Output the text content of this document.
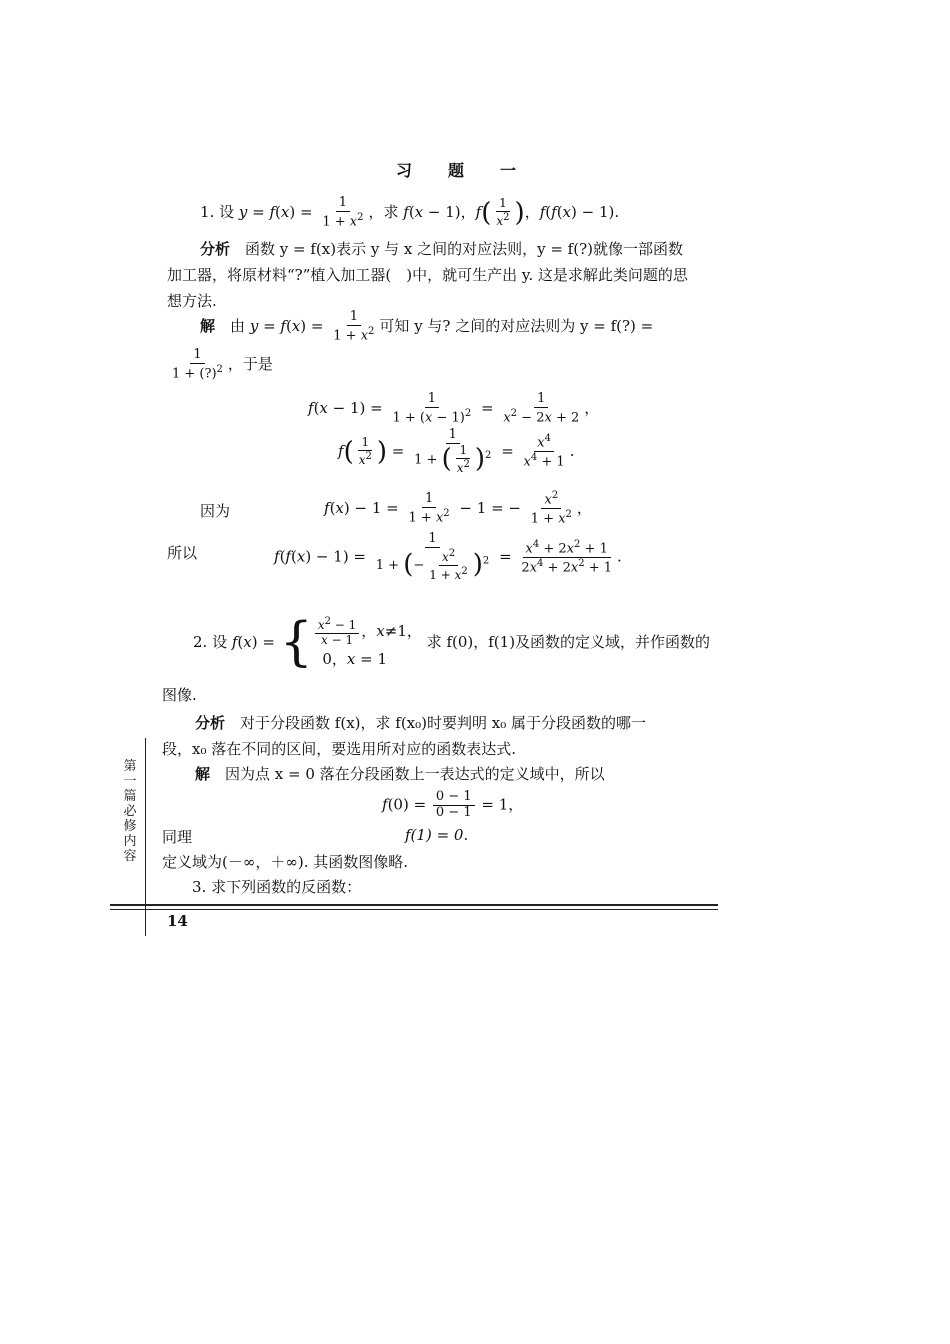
习　题　一
1. 设 $y = f(x) = \frac{1}{1 + x^2}$ ，求 f(x − 1)，$f( \frac{1}{x^2}$ )，f(f(x) − 1).
分析　 函数 y = f(x)表示 y 与 x 之间的对应法则，y = f(?)就像一部函数
加工器，将原材料“?”植入加工器(　)中，就可生产出 y. 这是求解此类问题的思
想方法.
解　 由 $y = f(x) = \frac{1}{1 + x^2}$ 可知 y 与? 之间的对应法则为 y = f(?) =
$\frac{1}{1 + (?)^2}$ ，于是
$f(x - 1) = \frac{1}{1 + (x - 1)^2} = \frac{1}{x^2 - 2x + 2}$ ，
$f( \frac{1}{x^2}$ ) = $\frac{1}{1 + ( \frac{1}{x^2} )^2} = \frac{x^4}{x^4 + 1}$ .
因为	$f(x) - 1 = \frac{1}{1 + x^2} - 1$ = − $\frac{x^2}{1 + x^2}$ ，
所以	$f(f(x) - 1) = \frac{1}{1 + (- \frac{x^2}{1 + x^2} )^2} = \frac{x^4 + 2x^2 + 1}{2x^4 + 2x^2 + 1}$ .
2. 设 f(x) = { $\frac{x^2 - 1}{x - 1}$ ，x≠1，
0，x = 1
求 f(0)，f(1)及函数的定义域，并作函数的
图像.
分析　 对于分段函数 f(x)，求 f(x₀)时要判明 x₀ 属于分段函数的哪一
段，x₀ 落在不同的区间，要选用所对应的函数表达式.
解　 因为点 x = 0 落在分段函数上一表达式的定义域中，所以
$f(0) = \frac{0 - 1}{0 - 1} = 1$，
同理	f(1) = 0.
定义域为(－∞，＋∞). 其函数图像略.
3. 求下列函数的反函数：
第一篇 必修内容
14
